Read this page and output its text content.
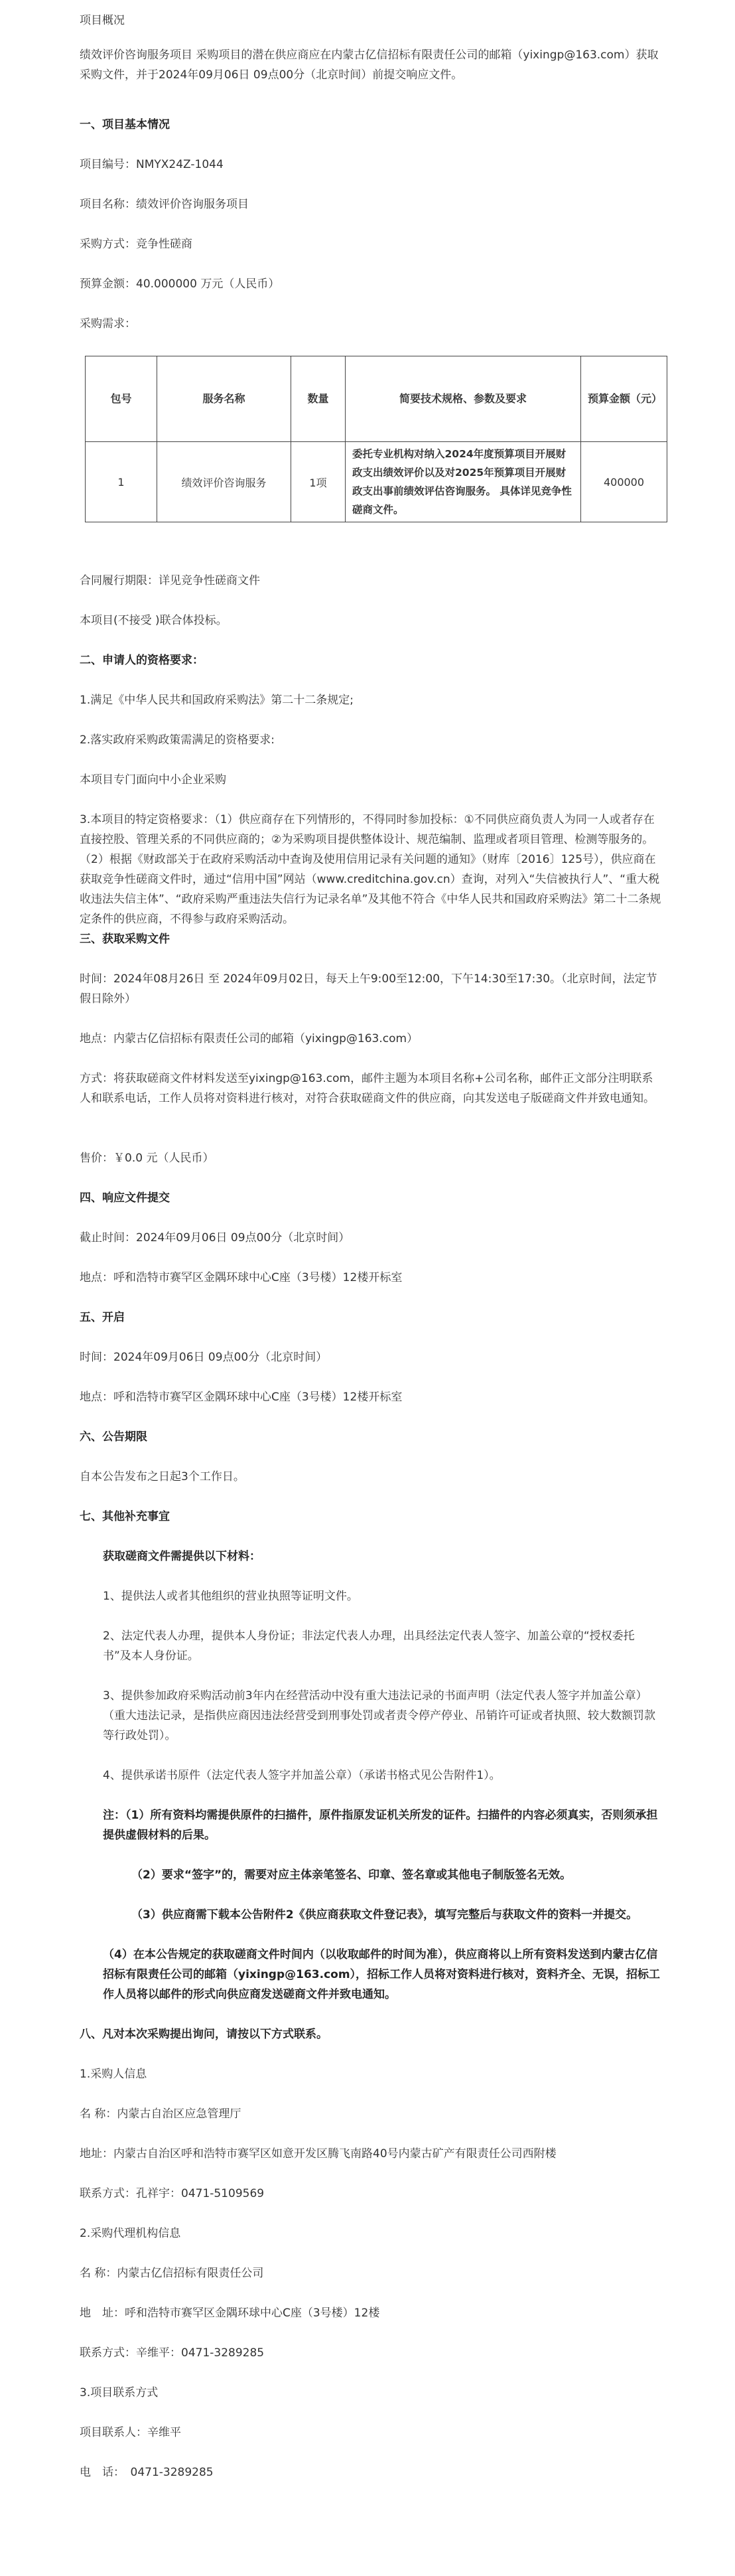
项目概况

绩效评价咨询服务项目 采购项目的潜在供应商应在内蒙古亿信招标有限责任公司的邮箱（yixingp@163.com）获取采购文件，并于2024年09月06日 09点00分（北京时间）前提交响应文件。

一、项目基本情况

项目编号：NMYX24Z-1044

项目名称：绩效评价咨询服务项目

采购方式：竞争性磋商

预算金额：40.000000 万元（人民币）

采购需求：

包号	服务名称	数量	简要技术规格、参数及要求	预算金额（元）
1	绩效评价咨询服务	1项	委托专业机构对纳入2024年度预算项目开展财政支出绩效评价以及对2025年预算项目开展财政支出事前绩效评估咨询服务。 具体详见竞争性磋商文件。	400000

合同履行期限：详见竞争性磋商文件

本项目(不接受 )联合体投标。

二、申请人的资格要求：

1.满足《中华人民共和国政府采购法》第二十二条规定;

2.落实政府采购政策需满足的资格要求:

本项目专门面向中小企业采购

3.本项目的特定资格要求：（1）供应商存在下列情形的，不得同时参加投标：①不同供应商负责人为同一人或者存在直接控股、管理关系的不同供应商的；②为采购项目提供整体设计、规范编制、监理或者项目管理、检测等服务的。（2）根据《财政部关于在政府采购活动中查询及使用信用记录有关问题的通知》（财库〔2016〕125号），供应商在获取竞争性磋商文件时，通过“信用中国”网站（www.creditchina.gov.cn）查询，对列入“失信被执行人”、“重大税收违法失信主体”、“政府采购严重违法失信行为记录名单”及其他不符合《中华人民共和国政府采购法》第二十二条规定条件的供应商，不得参与政府采购活动。

三、获取采购文件

时间：2024年08月26日 至 2024年09月02日，每天上午9:00至12:00，下午14:30至17:30。（北京时间，法定节假日除外）

地点：内蒙古亿信招标有限责任公司的邮箱（yixingp@163.com）

方式：将获取磋商文件材料发送至yixingp@163.com，邮件主题为本项目名称+公司名称，邮件正文部分注明联系人和联系电话，工作人员将对资料进行核对，对符合获取磋商文件的供应商，向其发送电子版磋商文件并致电通知。

售价：￥0.0 元（人民币）

四、响应文件提交

截止时间：2024年09月06日 09点00分（北京时间）

地点：呼和浩特市赛罕区金隅环球中心C座（3号楼）12楼开标室

五、开启

时间：2024年09月06日 09点00分（北京时间）

地点：呼和浩特市赛罕区金隅环球中心C座（3号楼）12楼开标室

六、公告期限

自本公告发布之日起3个工作日。

七、其他补充事宜

获取磋商文件需提供以下材料：

1、提供法人或者其他组织的营业执照等证明文件。

2、法定代表人办理，提供本人身份证；非法定代表人办理，出具经法定代表人签字、加盖公章的“授权委托书”及本人身份证。

3、提供参加政府采购活动前3年内在经营活动中没有重大违法记录的书面声明（法定代表人签字并加盖公章）（重大违法记录，是指供应商因违法经营受到刑事处罚或者责令停产停业、吊销许可证或者执照、较大数额罚款等行政处罚）。

4、提供承诺书原件（法定代表人签字并加盖公章）（承诺书格式见公告附件1）。

注：（1）所有资料均需提供原件的扫描件，原件指原发证机关所发的证件。扫描件的内容必须真实，否则须承担提供虚假材料的后果。

（2）要求“签字”的，需要对应主体亲笔签名、印章、签名章或其他电子制版签名无效。

（3）供应商需下载本公告附件2《供应商获取文件登记表》，填写完整后与获取文件的资料一并提交。

（4）在本公告规定的获取磋商文件时间内（以收取邮件的时间为准），供应商将以上所有资料发送到内蒙古亿信招标有限责任公司的邮箱（yixingp@163.com），招标工作人员将对资料进行核对，资料齐全、无误，招标工作人员将以邮件的形式向供应商发送磋商文件并致电通知。

八、凡对本次采购提出询问，请按以下方式联系。

1.采购人信息

名 称：内蒙古自治区应急管理厅

地址：内蒙古自治区呼和浩特市赛罕区如意开发区腾飞南路40号内蒙古矿产有限责任公司西附楼

联系方式：孔祥宇：0471-5109569

2.采购代理机构信息

名 称：内蒙古亿信招标有限责任公司

地　址：呼和浩特市赛罕区金隅环球中心C座（3号楼）12楼

联系方式：辛维平：0471-3289285

3.项目联系方式

项目联系人：辛维平

电　话：　0471-3289285
